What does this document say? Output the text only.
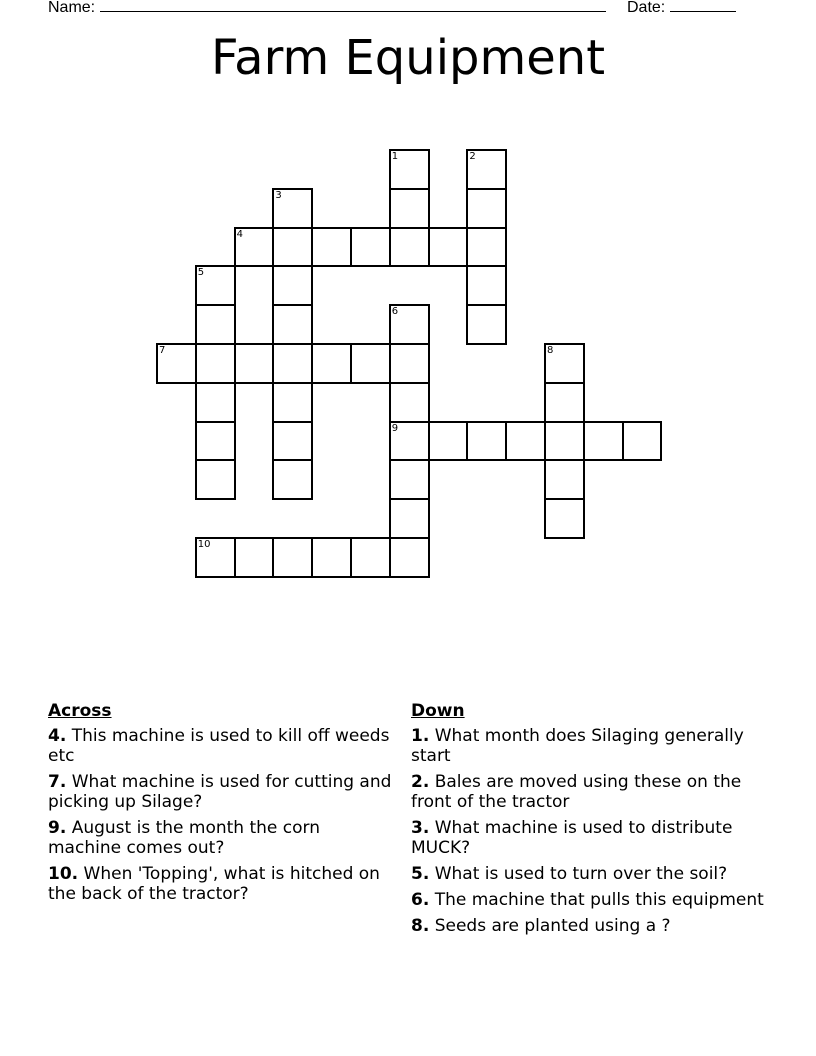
Name:	Date:
Farm Equipment
1	2
3
4
5
6
9
7	8
10
Across
4. This machine is used to kill off weeds etc
7. What machine is used for cutting and picking up Silage?
9. August is the month the corn machine comes out?
10. When 'Topping', what is hitched on the back of the tractor?
Down
1. What month does Silaging generally start
2. Bales are moved using these on the front of the tractor
3. What machine is used to distribute MUCK?
5. What is used to turn over the soil?
6. The machine that pulls this equipment
8. Seeds are planted using a ?
